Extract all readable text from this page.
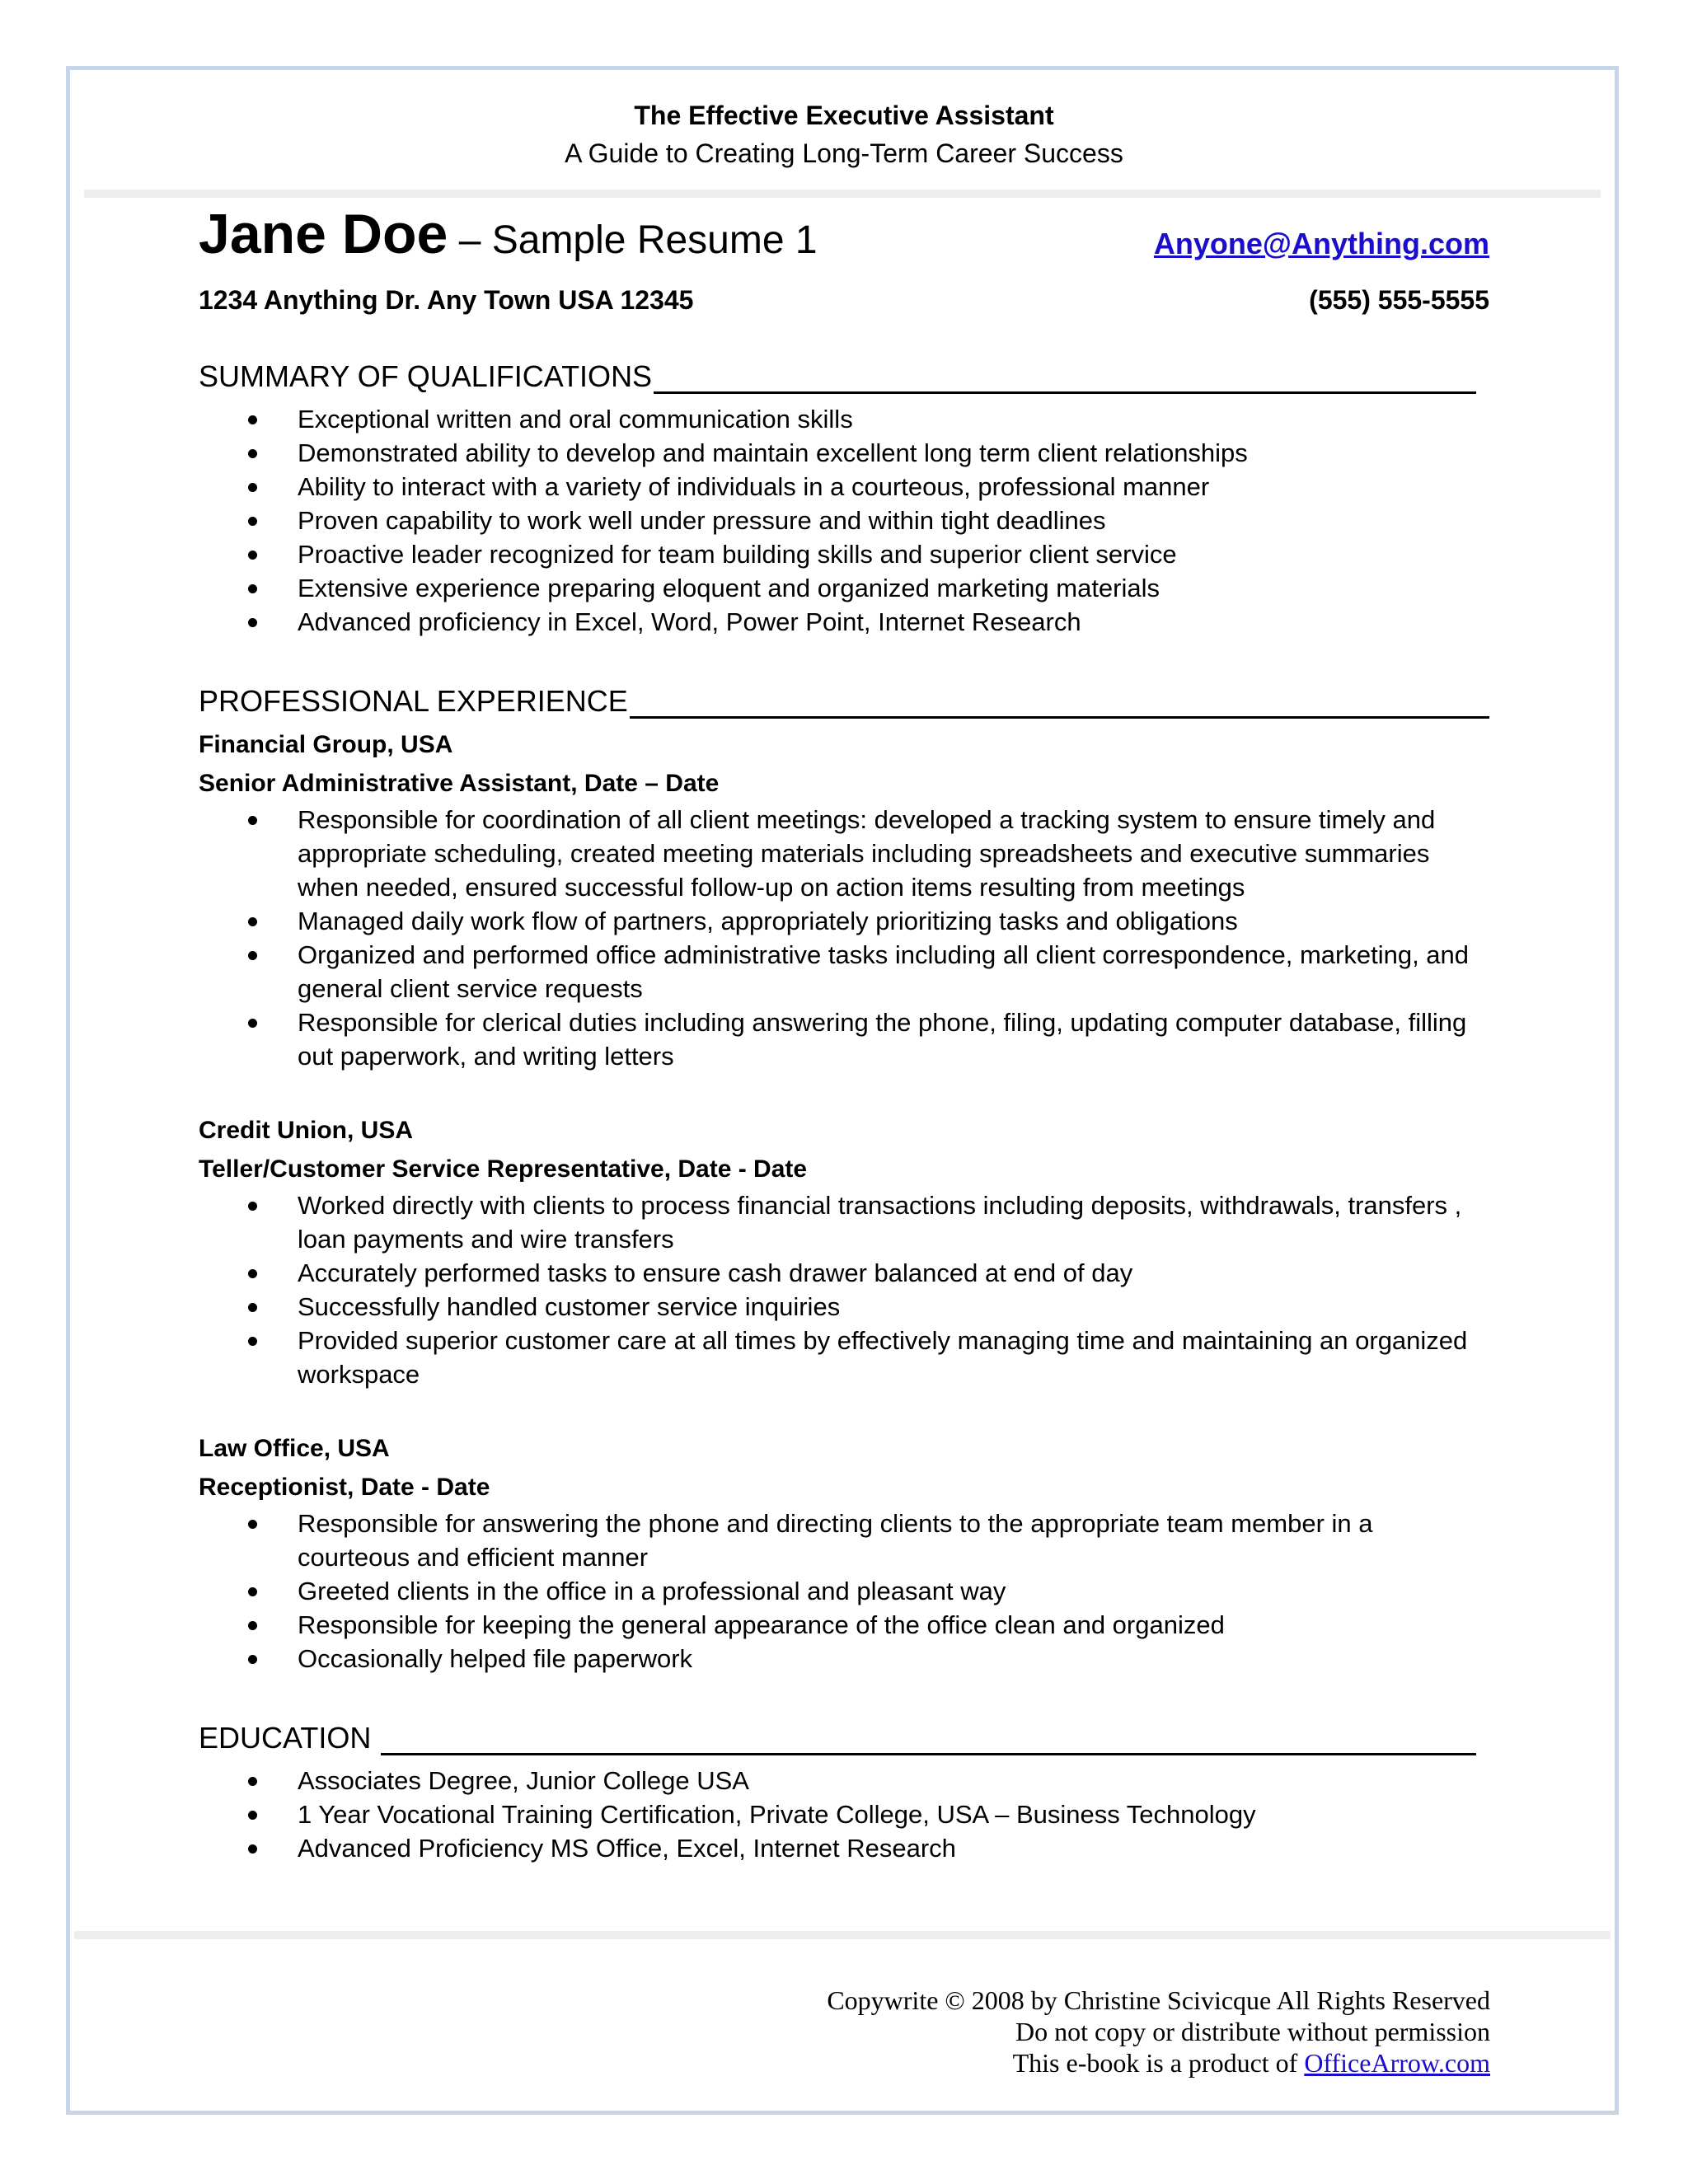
The Effective Executive Assistant
A Guide to Creating Long-Term Career Success
Jane Doe – Sample Resume 1	Anyone@Anything.com
1234 Anything Dr. Any Town USA 12345	(555) 555-5555
SUMMARY OF QUALIFICATIONS
Exceptional written and oral communication skills
Demonstrated ability to develop and maintain excellent long term client relationships
Ability to interact with a variety of individuals in a courteous, professional manner
Proven capability to work well under pressure and within tight deadlines
Proactive leader recognized for team building skills and superior client service
Extensive experience preparing eloquent and organized marketing materials
Advanced proficiency in Excel, Word, Power Point, Internet Research
PROFESSIONAL EXPERIENCE
Financial Group, USA
Senior Administrative Assistant, Date – Date
Responsible for coordination of all client meetings: developed a tracking system to ensure timely and appropriate scheduling, created meeting materials including spreadsheets and executive summaries when needed, ensured successful follow-up on action items resulting from meetings
Managed daily work flow of partners, appropriately prioritizing tasks and obligations
Organized and performed office administrative tasks including all client correspondence, marketing, and general client service requests
Responsible for clerical duties including answering the phone, filing, updating computer database, filling out paperwork, and writing letters
Credit Union, USA
Teller/Customer Service Representative, Date - Date
Worked directly with clients to process financial transactions including deposits, withdrawals, transfers , loan payments and wire transfers
Accurately performed tasks to ensure cash drawer balanced at end of day
Successfully handled customer service inquiries
Provided superior customer care at all times by effectively managing time and maintaining an organized workspace
Law Office, USA
Receptionist, Date - Date
Responsible for answering the phone and directing clients to the appropriate team member in a courteous and efficient manner
Greeted clients in the office in a professional and pleasant way
Responsible for keeping the general appearance of the office clean and organized
Occasionally helped file paperwork
EDUCATION
Associates Degree, Junior College USA
1 Year Vocational Training Certification, Private College, USA – Business Technology
Advanced Proficiency MS Office, Excel, Internet Research
Copywrite © 2008 by Christine Scivicque All Rights Reserved
Do not copy or distribute without permission
This e-book is a product of OfficeArrow.com
